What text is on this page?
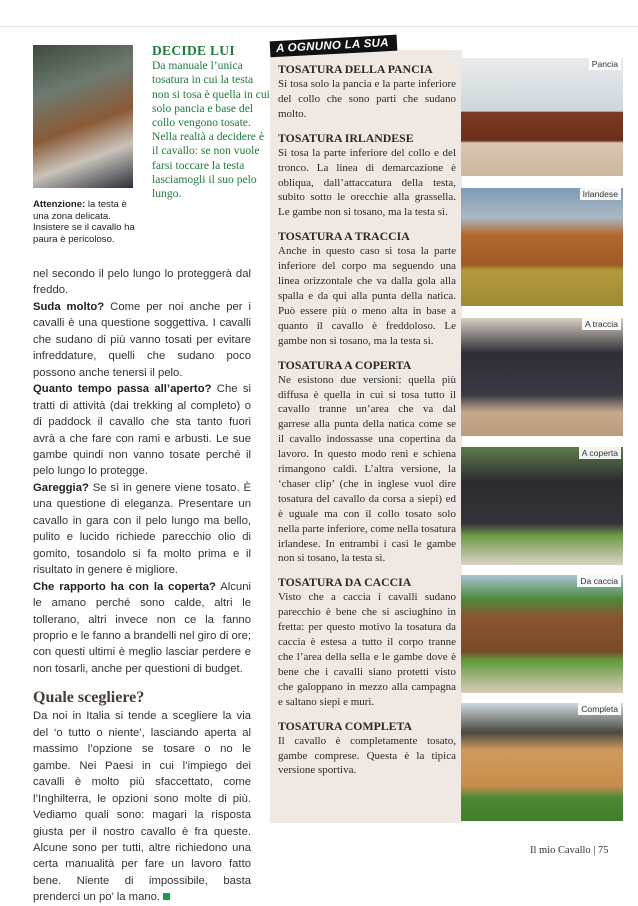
Attenzione: la testa è una zona delicata. Insistere se il cavallo ha paura è pericoloso.
DECIDE LUI
Da manuale l’unica tosatura in cui la testa non si tosa è quella in cui solo pancia e base del collo vengono tosate. Nella realtà a decidere è il cavallo: se non vuole farsi toccare la testa lasciamogli il suo pelo lungo.

nel secondo il pelo lungo lo proteggerà dal freddo.

Suda molto? Come per noi anche per i cavalli è una questione soggettiva. I cavalli che sudano di più vanno tosati per evitare infreddature, quelli che sudano poco possono anche tenersi il pelo.

Quanto tempo passa all’aperto? Che si tratti di attività (dai trekking al completo) o di paddock il cavallo che sta tanto fuori avrà a che fare con rami e arbusti. Le sue gambe quindi non vanno tosate perché il pelo lungo lo protegge.

Gareggia? Se sì in genere viene tosato. È una questione di eleganza. Presentare un cavallo in gara con il pelo lungo ma bello, pulito e lucido richiede parecchio olio di gomito, tosandolo si fa molto prima e il risultato in genere è migliore.

Che rapporto ha con la coperta? Alcuni le amano perché sono calde, altri le tollerano, altri invece non ce la fanno proprio e le fanno a brandelli nel giro di ore; con questi ultimi è meglio lasciar perdere e non tosarli, anche per questioni di budget.

Quale scegliere?

Da noi in Italia si tende a scegliere la via del ‘o tutto o niente’, lasciando aperta al massimo l’opzione se tosare o no le gambe. Nei Paesi in cui l’impiego dei cavalli è molto più sfaccettato, come l’Inghilterra, le opzioni sono molte di più. Vediamo quali sono: magari la risposta giusta per il nostro cavallo è fra queste. Alcune sono per tutti, altre richiedono una certa manualità per fare un lavoro fatto bene. Niente di impossibile, basta prenderci un po’ la mano.

A OGNUNO LA SUA
TOSATURA DELLA PANCIA

Si tosa solo la pancia e la parte inferiore del collo che sono parti che sudano molto.

TOSATURA IRLANDESE

Si tosa la parte inferiore del collo e del tronco. La linea di demarcazione è obliqua, dall’attaccatura della testa, subito sotto le orecchie alla grassella. Le gambe non si tosano, ma la testa sì.

TOSATURA A TRACCIA

Anche in questo caso si tosa la parte inferiore del corpo ma seguendo una linea orizzontale che va dalla gola alla spalla e da qui alla punta della natica. Può essere più o meno alta in base a quanto il cavallo è freddoloso. Le gambe non si tosano, ma la testa sì.

TOSATURA A COPERTA

Ne esistono due versioni: quella più diffusa è quella in cui si tosa tutto il cavallo tranne un’area che va dal garrese alla punta della natica come se il cavallo indossasse una copertina da lavoro. In questo modo reni e schiena rimangono caldi. L’altra versione, la ‘chaser clip’ (che in inglese vuol dire tosatura del cavallo da corsa a siepi) ed è uguale ma con il collo tosato solo nella parte inferiore, come nella tosatura irlandese. In entrambi i casi le gambe non si tosano, la testa sì.

TOSATURA DA CACCIA

Visto che a caccia i cavalli sudano parecchio è bene che si asciughino in fretta: per questo motivo la tosatura da caccia è estesa a tutto il corpo tranne che l’area della sella e le gambe dove è bene che i cavalli siano protetti visto che galoppano in mezzo alla campagna e saltano siepi e muri.

TOSATURA COMPLETA

Il cavallo è completamente tosato, gambe comprese. Questa è la tipica versione sportiva.

Pancia
Irlandese
A traccia
A coperta
Da caccia
Completa
Il mio Cavallo | 75
